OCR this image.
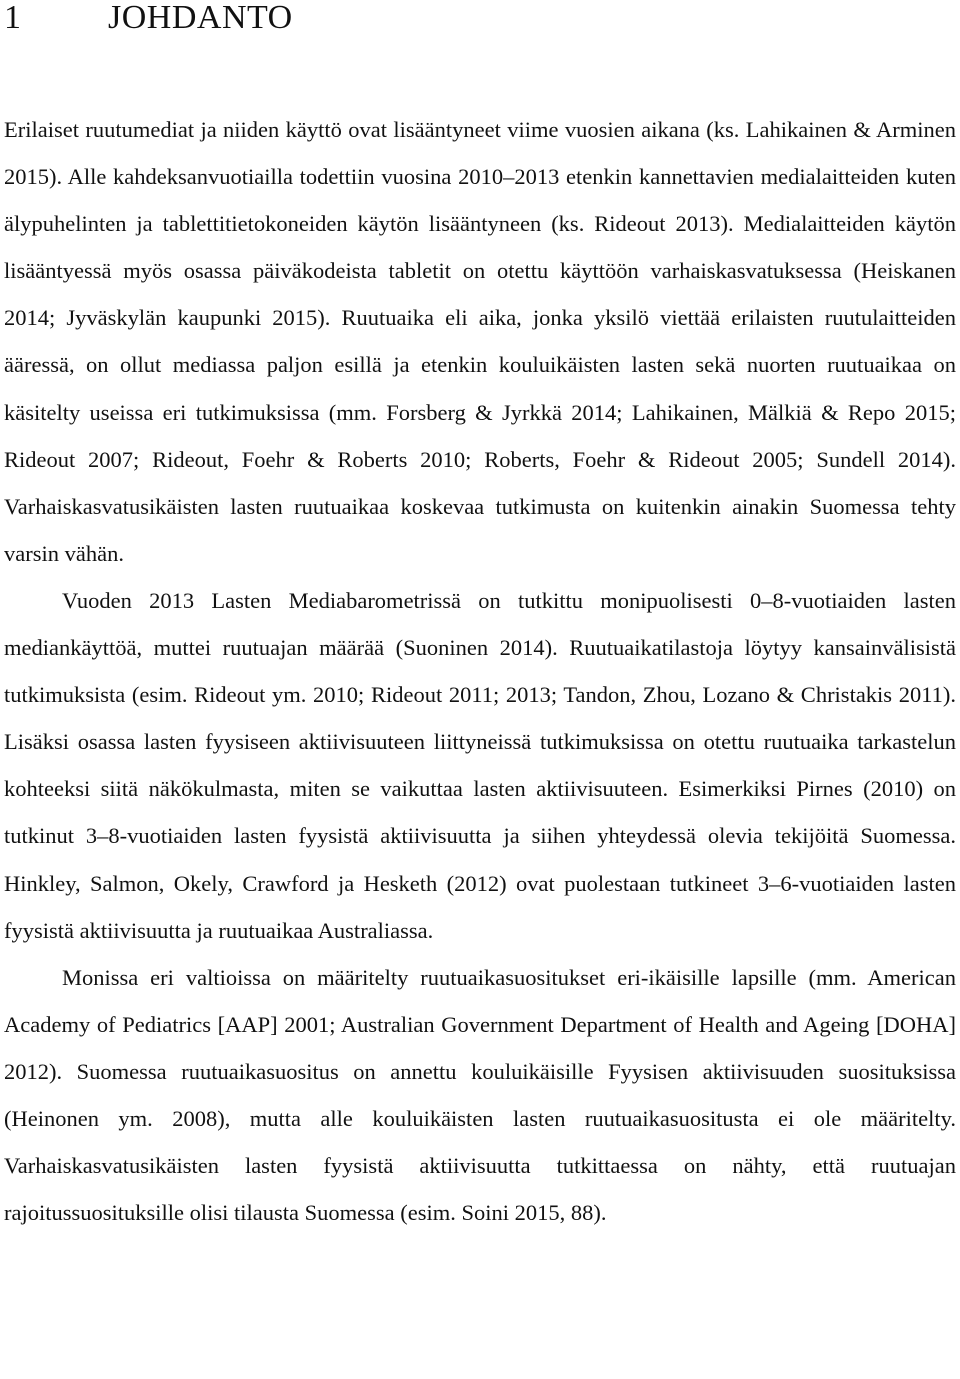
1	JOHDANTO

Erilaiset ruutumediat ja niiden käyttö ovat lisääntyneet viime vuosien aikana (ks. Lahikainen & Arminen 2015). Alle kahdeksanvuotiailla todettiin vuosina 2010–2013 etenkin kannettavien medialaitteiden kuten älypuhelinten ja tablettitietokoneiden käytön lisääntyneen (ks. Rideout 2013). Medialaitteiden käytön lisääntyessä myös osassa päiväkodeista tabletit on otettu käyttöön varhaiskasvatuksessa (Heiskanen 2014; Jyväskylän kaupunki 2015). Ruutuaika eli aika, jonka yksilö viettää erilaisten ruutulaitteiden ääressä, on ollut mediassa paljon esillä ja etenkin kouluikäisten lasten sekä nuorten ruutuaikaa on käsitelty useissa eri tutkimuksissa (mm. Forsberg & Jyrkkä 2014; Lahikainen, Mälkiä & Repo 2015; Rideout 2007; Rideout, Foehr & Roberts 2010; Roberts, Foehr & Rideout 2005; Sundell 2014). Varhaiskasvatusikäisten lasten ruutuaikaa koskevaa tutkimusta on kuitenkin ainakin Suomessa tehty varsin vähän.

Vuoden 2013 Lasten Mediabarometrissä on tutkittu monipuolisesti 0–8-vuotiaiden lasten mediankäyttöä, muttei ruutuajan määrää (Suoninen 2014). Ruutuaikatilastoja löytyy kansainvälisistä tutkimuksista (esim. Rideout ym. 2010; Rideout 2011; 2013; Tandon, Zhou, Lozano & Christakis 2011). Lisäksi osassa lasten fyysiseen aktiivisuuteen liittyneissä tutkimuksissa on otettu ruutuaika tarkastelun kohteeksi siitä näkökulmasta, miten se vaikuttaa lasten aktiivisuuteen. Esimerkiksi Pirnes (2010) on tutkinut 3–8-vuotiaiden lasten fyysistä aktiivisuutta ja siihen yhteydessä olevia tekijöitä Suomessa. Hinkley, Salmon, Okely, Crawford ja Hesketh (2012) ovat puolestaan tutkineet 3–6-vuotiaiden lasten fyysistä aktiivisuutta ja ruutuaikaa Australiassa.

Monissa eri valtioissa on määritelty ruutuaikasuositukset eri-ikäisille lapsille (mm. American Academy of Pediatrics [AAP] 2001; Australian Government Department of Health and Ageing [DOHA] 2012). Suomessa ruutuaikasuositus on annettu kouluikäisille Fyysisen aktiivisuuden suosituksissa (Heinonen ym. 2008), mutta alle kouluikäisten lasten ruutuaikasuositusta ei ole määritelty. Varhaiskasvatusikäisten lasten fyysistä aktiivisuutta tutkittaessa on nähty, että ruutuajan rajoitussuosituksille olisi tilausta Suomessa (esim. Soini 2015, 88).
